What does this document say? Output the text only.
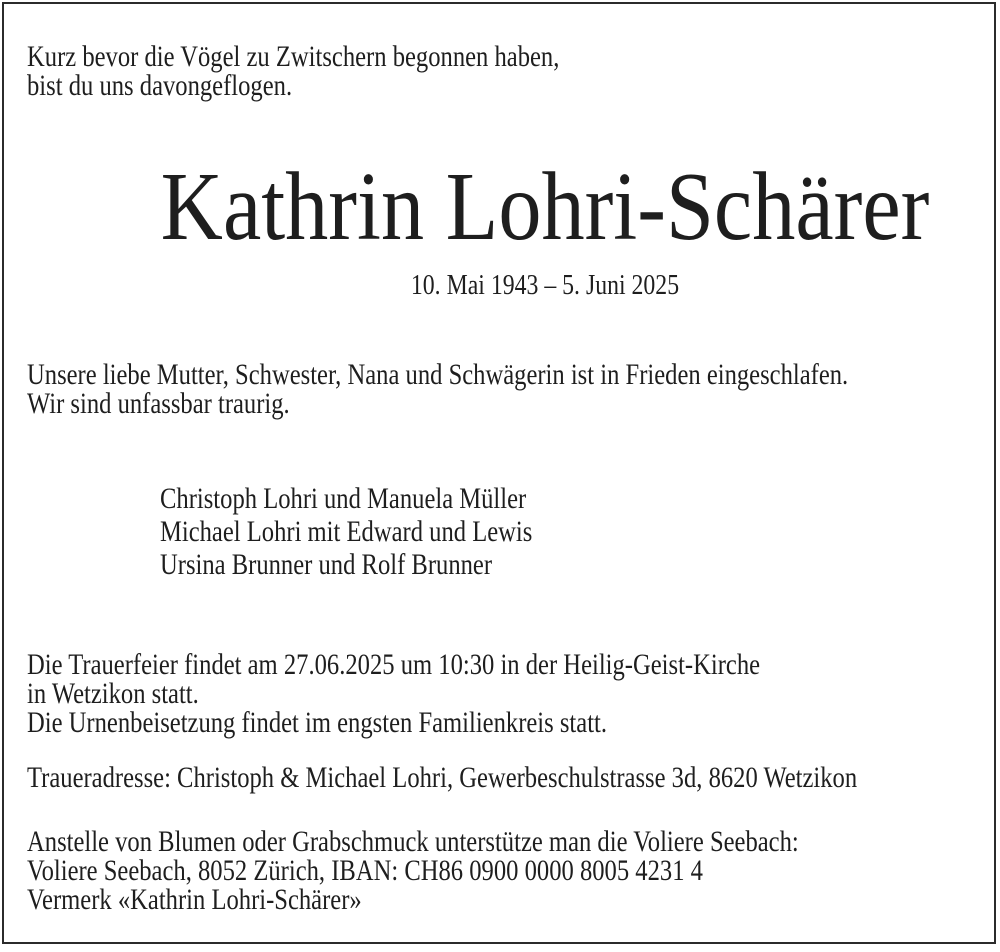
Kurz bevor die Vögel zu Zwitschern begonnen haben,
bist du uns davongeflogen.
Kathrin Lohri-Schärer
10. Mai 1943 – 5. Juni 2025
Unsere liebe Mutter, Schwester, Nana und Schwägerin ist in Frieden eingeschlafen.
Wir sind unfassbar traurig.
Christoph Lohri und Manuela Müller
Michael Lohri mit Edward und Lewis
Ursina Brunner und Rolf Brunner
Die Trauerfeier findet am 27.06.2025 um 10:30 in der Heilig-Geist-Kirche
in Wetzikon statt.
Die Urnenbeisetzung findet im engsten Familienkreis statt.
Traueradresse: Christoph & Michael Lohri, Gewerbeschulstrasse 3d, 8620 Wetzikon
Anstelle von Blumen oder Grabschmuck unterstütze man die Voliere Seebach:
Voliere Seebach, 8052 Zürich, IBAN: CH86 0900 0000 8005 4231 4
Vermerk «Kathrin Lohri-Schärer»
